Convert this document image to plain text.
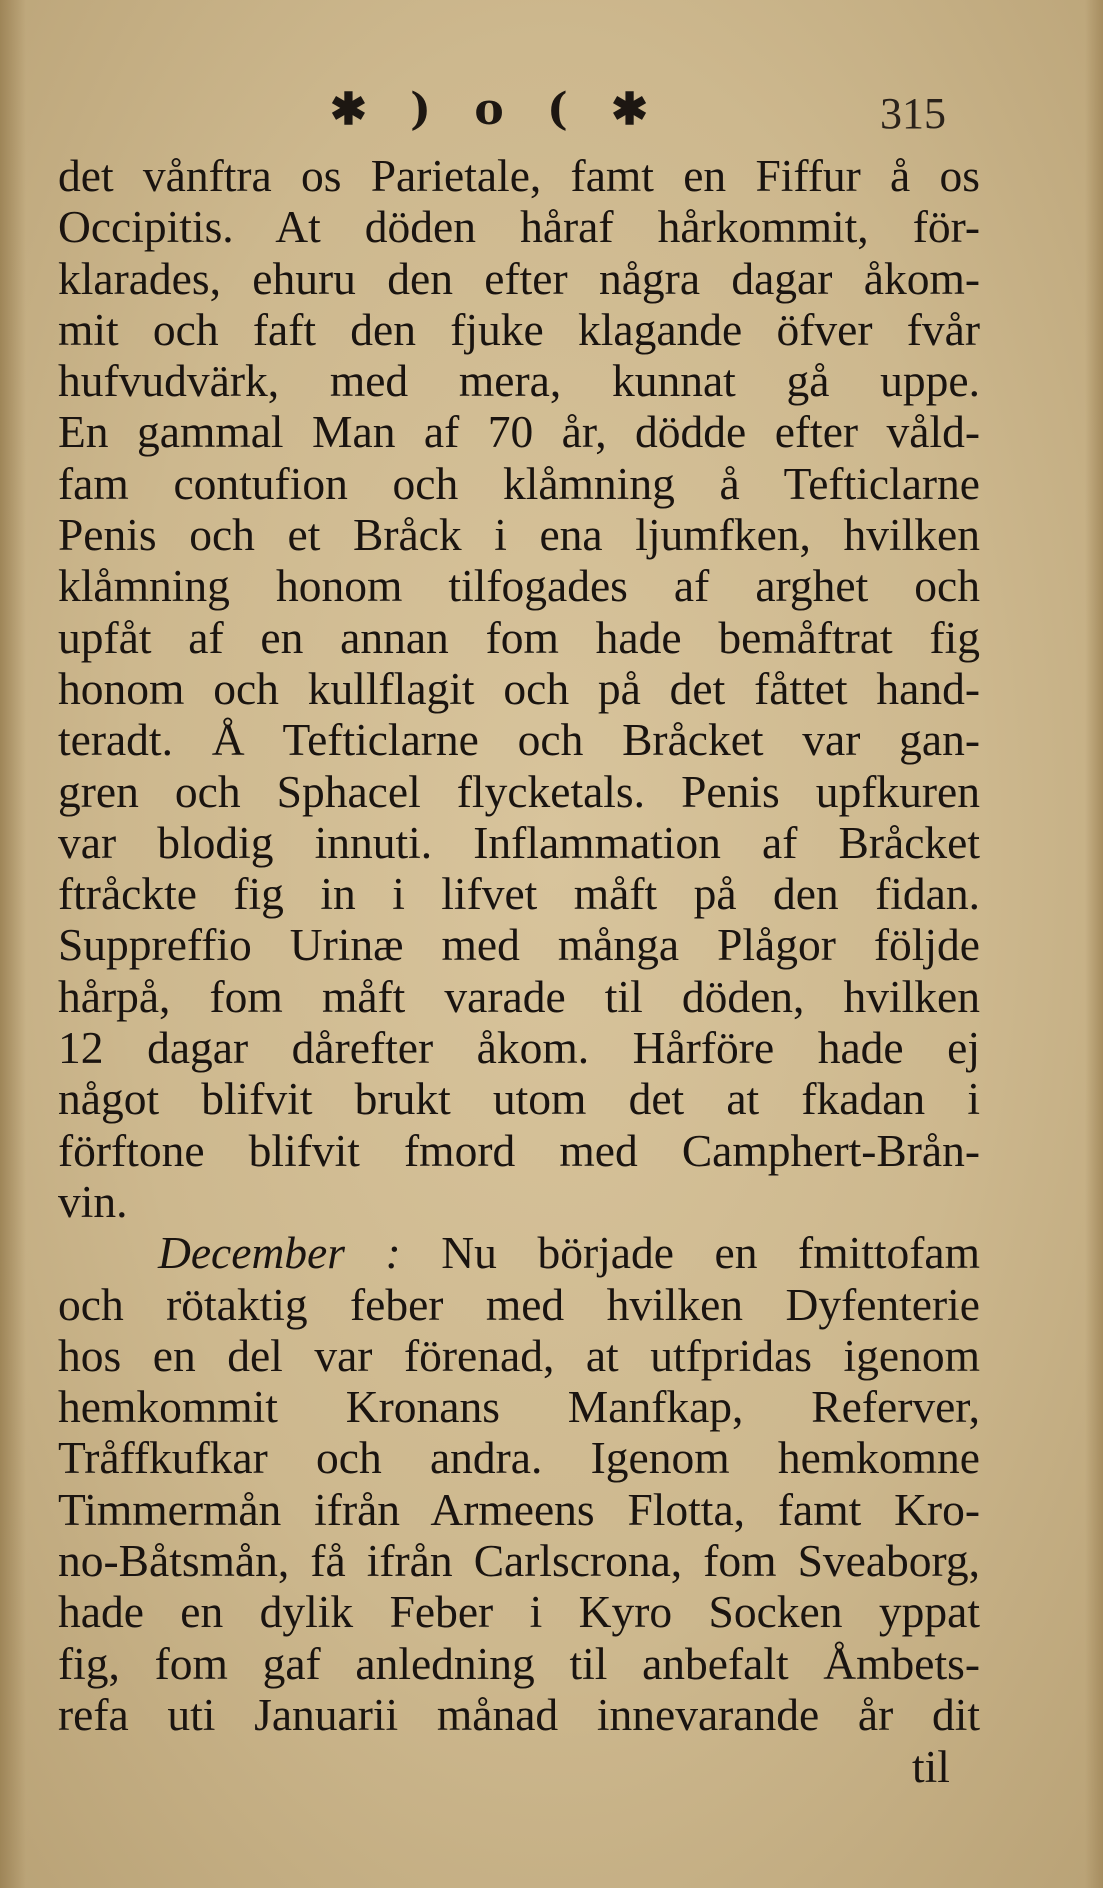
✱ ) o ( ✱	315
det vånftra os Parietale, famt en Fiffur å os
Occipitis. At döden håraf hårkommit, för-
klarades, ehuru den efter några dagar åkom-
mit och faft den fjuke klagande öfver fvår
hufvudvärk, med mera, kunnat gå uppe.
En gammal Man af 70 år, dödde efter våld-
fam contufion och klåmning å Tefticlarne
Penis och et Bråck i ena ljumfken, hvilken
klåmning honom tilfogades af arghet och
upfåt af en annan fom hade bemåftrat fig
honom och kullflagit och på det fåttet hand-
teradt. Å Tefticlarne och Bråcket var gan-
gren och Sphacel flycketals. Penis upfkuren
var blodig innuti. Inflammation af Bråcket
ftråckte fig in i lifvet måft på den fidan.
Suppreffio Urinæ med många Plågor följde
hårpå, fom måft varade til döden, hvilken
12 dagar dårefter åkom. Hårföre hade ej
något blifvit brukt utom det at fkadan i
förftone blifvit fmord med Camphert-Brån-
vin.
December : Nu började en fmittofam
och rötaktig feber med hvilken Dyfenterie
hos en del var förenad, at utfpridas igenom
hemkommit Kronans Manfkap, Referver,
Tråffkufkar och andra. Igenom hemkomne
Timmermån ifrån Armeens Flotta, famt Kro-
no-Båtsmån, få ifrån Carlscrona, fom Sveaborg,
hade en dylik Feber i Kyro Socken yppat
fig, fom gaf anledning til anbefalt Åmbets-
refa uti Januarii månad innevarande år dit
til
